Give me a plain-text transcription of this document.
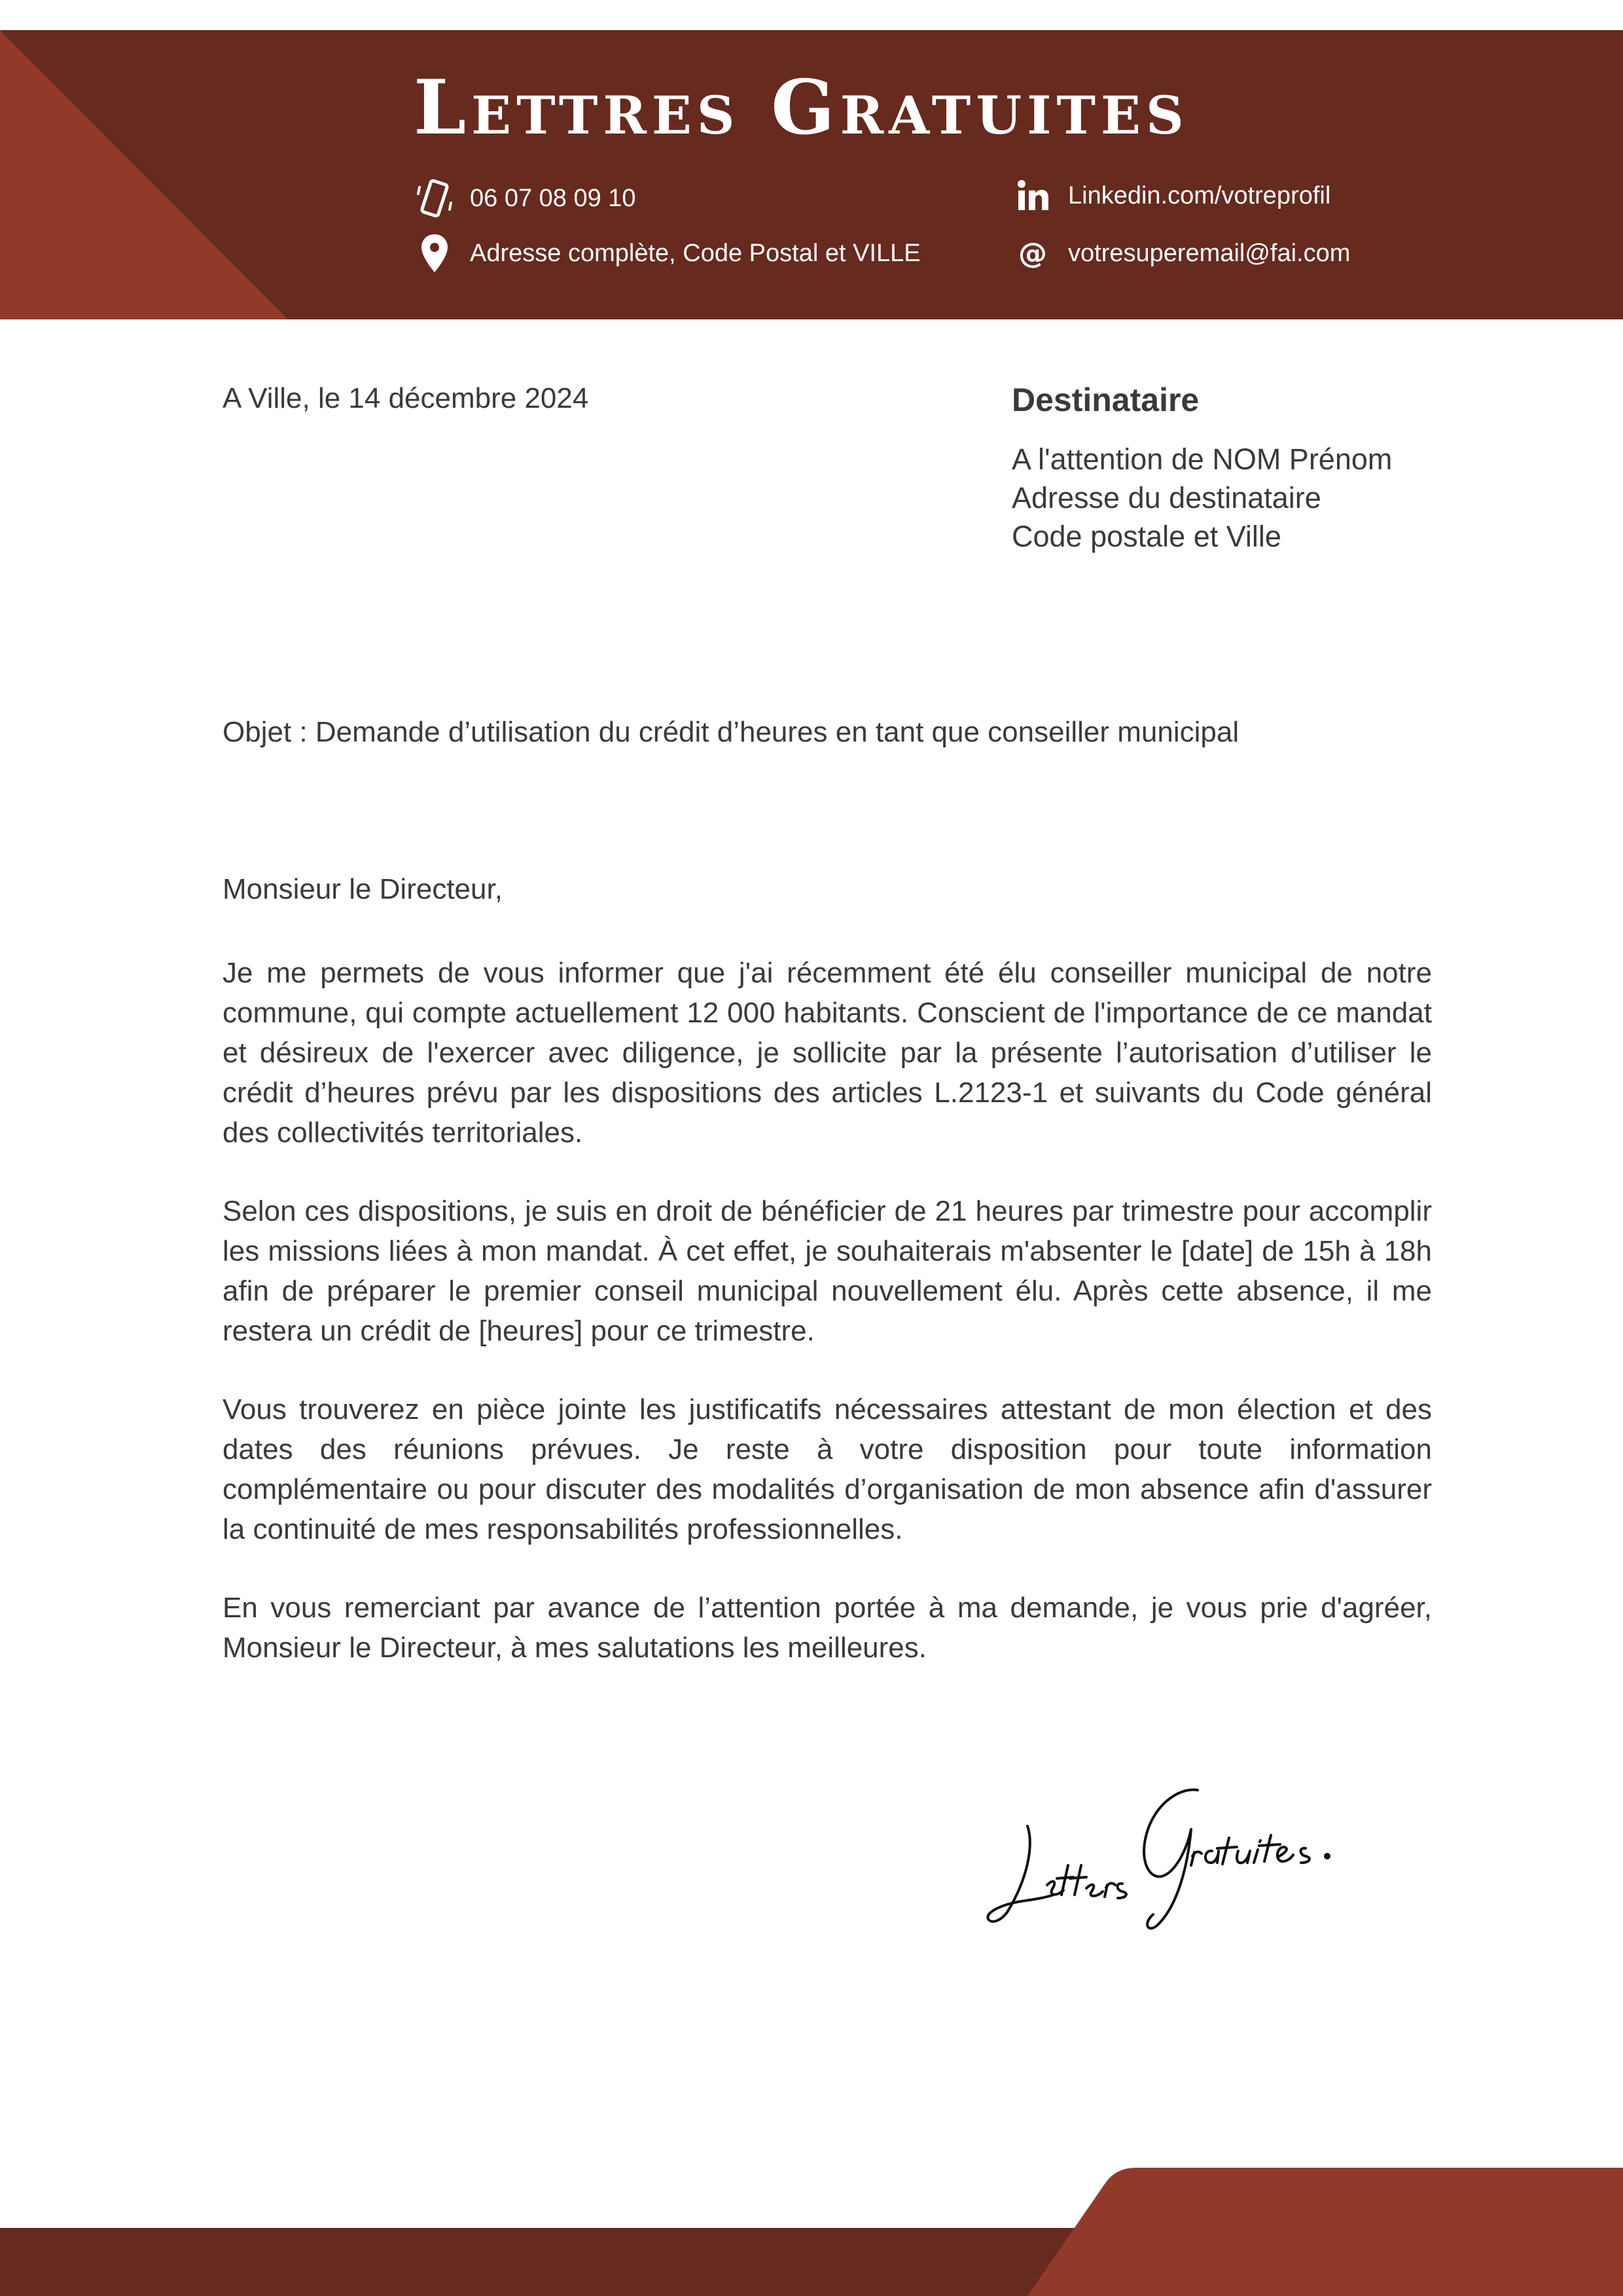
Lettres Gratuites
06 07 08 09 10
Adresse complète, Code Postal et VILLE
Linkedin.com/votreprofil
@ votresuperemail@fai.com
A Ville, le 14 décembre 2024	Destinataire
A l'attention de NOM Prénom
Adresse du destinataire
Code postale et Ville
Objet : Demande d’utilisation du crédit d’heures en tant que conseiller municipal
Monsieur le Directeur,

Je me permets de vous informer que j'ai récemment été élu conseiller municipal de notre commune, qui compte actuellement 12 000 habitants. Conscient de l'importance de ce mandat et désireux de l'exercer avec diligence, je sollicite par la présente l’autorisation d’utiliser le crédit d’heures prévu par les dispositions des articles L.2123-1 et suivants du Code général des collectivités territoriales.

Selon ces dispositions, je suis en droit de bénéficier de 21 heures par trimestre pour accomplir les missions liées à mon mandat. À cet effet, je souhaiterais m'absenter le [date] de 15h à 18h afin de préparer le premier conseil municipal nouvellement élu. Après cette absence, il me restera un crédit de [heures] pour ce trimestre.

Vous trouverez en pièce jointe les justificatifs nécessaires attestant de mon élection et des dates des réunions prévues. Je reste à votre disposition pour toute information complémentaire ou pour discuter des modalités d’organisation de mon absence afin d'assurer la continuité de mes responsabilités professionnelles.

En vous remerciant par avance de l’attention portée à ma demande, je vous prie d'agréer, Monsieur le Directeur, à mes salutations les meilleures.
